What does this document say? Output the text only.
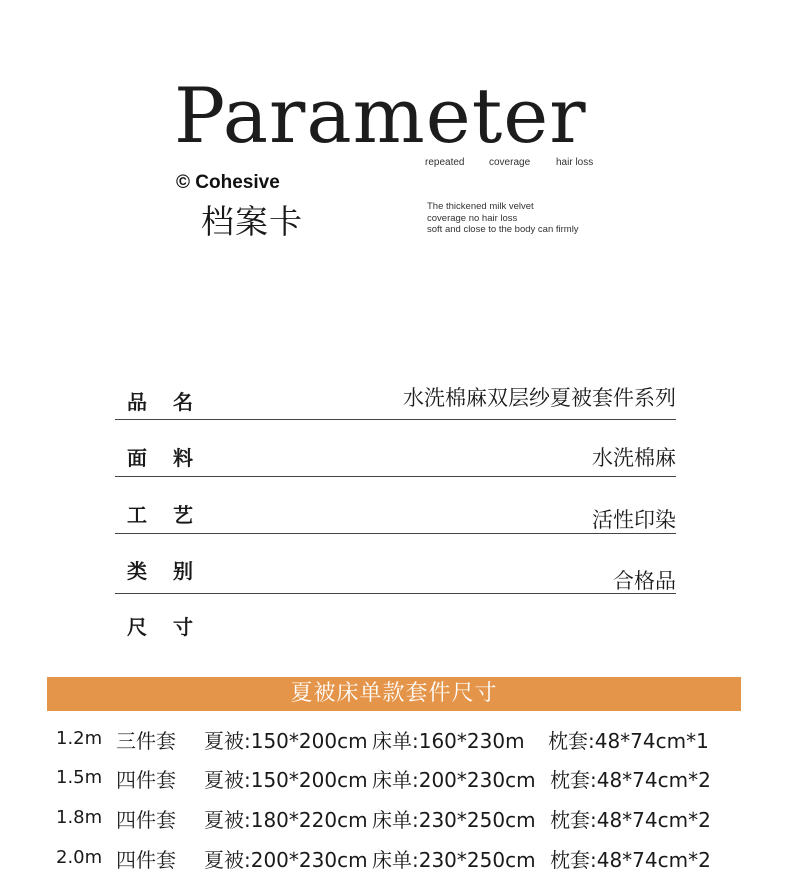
Parameter
repeated coverage	hair loss
© Cohesive
档案卡	The thickened milk velvet
coverage no hair loss
soft and close to the body can firmly
品名	水洗棉麻双层纱夏被套件系列
面料	水洗棉麻
工艺	活性印染
类别	合格品
尺寸
夏被床单款套件尺寸
1.2m 三件套 夏被:150*200cm 床单:160*230m 枕套:48*74cm*1
1.5m 四件套 夏被:150*200cm 床单:200*230cm 枕套:48*74cm*2
1.8m 四件套 夏被:180*220cm 床单:230*250cm 枕套:48*74cm*2
2.0m 四件套 夏被:200*230cm 床单:230*250cm 枕套:48*74cm*2
